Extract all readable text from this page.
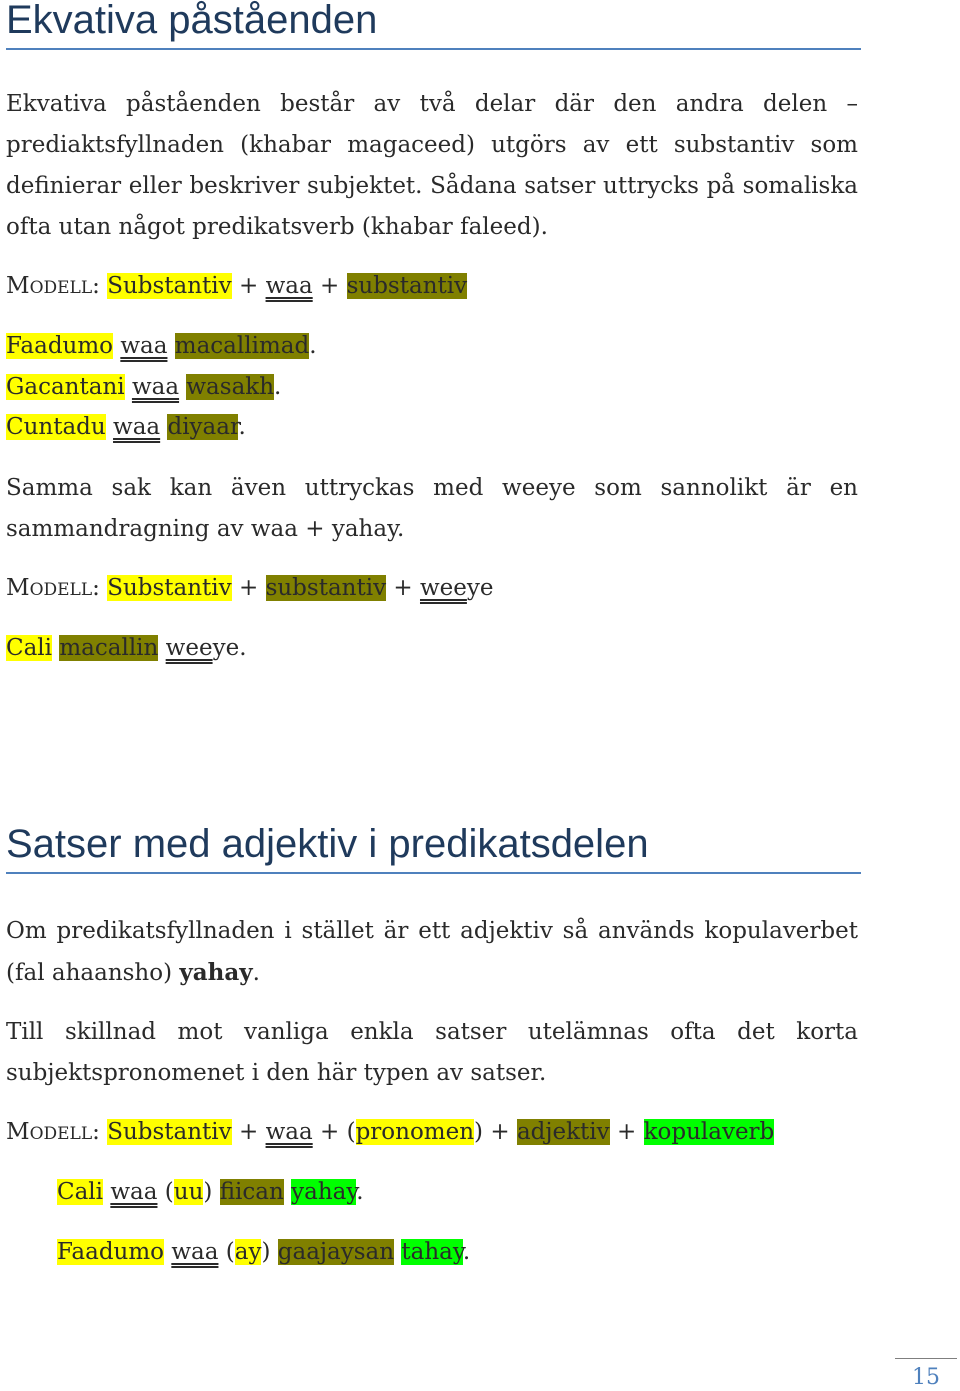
Ekvativa påståenden

Ekvativa påståenden består av två delar där den andra delen – prediaktsfyllnaden (khabar magaceed) utgörs av ett substantiv som definierar eller beskriver subjektet. Sådana satser uttrycks på somaliska ofta utan något predikatsverb (khabar faleed).

MODELL: Substantiv + waa + substantiv
Faadumo waa macallimad.
Gacantani waa wasakh.
Cuntadu waa diyaar.

Samma sak kan även uttryckas med weeye som sannolikt är en sammandragning av waa + yahay.

MODELL: Substantiv + substantiv + weeye
Cali macallin weeye.
Satser med adjektiv i predikatsdelen

Om predikatsfyllnaden i stället är ett adjektiv så används kopulaverbet (fal ahaansho) yahay.

Till skillnad mot vanliga enkla satser utelämnas ofta det korta subjektspronomenet i den här typen av satser.

MODELL: Substantiv + waa + (pronomen) + adjektiv + kopulaverb
Cali waa (uu) fiican yahay.
Faadumo waa (ay) gaajaysan tahay.
15
